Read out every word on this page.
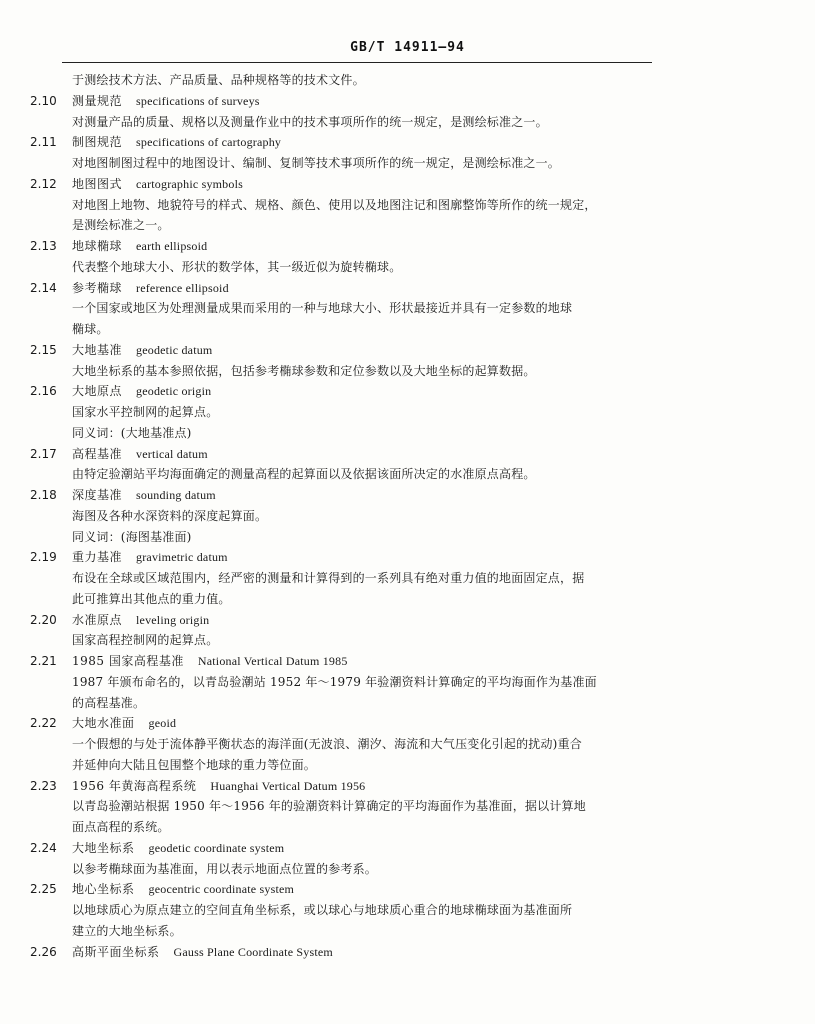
GB/T 14911—94
于测绘技术方法、产品质量、品种规格等的技术文件。
2.10	测量规范 specifications of surveys
对测量产品的质量、规格以及测量作业中的技术事项所作的统一规定，是测绘标准之一。
2.11	制图规范 specifications of cartography
对地图制图过程中的地图设计、编制、复制等技术事项所作的统一规定，是测绘标准之一。
2.12	地图图式 cartographic symbols
对地图上地物、地貌符号的样式、规格、颜色、使用以及地图注记和图廓整饰等所作的统一规定，
是测绘标准之一。
2.13	地球椭球 earth ellipsoid
代表整个地球大小、形状的数学体，其一级近似为旋转椭球。
2.14	参考椭球 reference ellipsoid
一个国家或地区为处理测量成果而采用的一种与地球大小、形状最接近并具有一定参数的地球
椭球。
2.15	大地基准 geodetic datum
大地坐标系的基本参照依据，包括参考椭球参数和定位参数以及大地坐标的起算数据。
2.16	大地原点 geodetic origin
国家水平控制网的起算点。
同义词：(大地基准点)
2.17	高程基准 vertical datum
由特定验潮站平均海面确定的测量高程的起算面以及依据该面所决定的水准原点高程。
2.18	深度基准 sounding datum
海图及各种水深资料的深度起算面。
同义词：(海图基准面)
2.19	重力基准 gravimetric datum
布设在全球或区域范围内，经严密的测量和计算得到的一系列具有绝对重力值的地面固定点，据
此可推算出其他点的重力值。
2.20	水准原点 leveling origin
国家高程控制网的起算点。
2.21	1985 国家高程基准 National Vertical Datum 1985
1987 年颁布命名的，以青岛验潮站 1952 年～1979 年验潮资料计算确定的平均海面作为基准面
的高程基准。
2.22	大地水准面 geoid
一个假想的与处于流体静平衡状态的海洋面(无波浪、潮汐、海流和大气压变化引起的扰动)重合
并延伸向大陆且包围整个地球的重力等位面。
2.23	1956 年黄海高程系统 Huanghai Vertical Datum 1956
以青岛验潮站根据 1950 年～1956 年的验潮资料计算确定的平均海面作为基准面，据以计算地
面点高程的系统。
2.24	大地坐标系 geodetic coordinate system
以参考椭球面为基准面，用以表示地面点位置的参考系。
2.25	地心坐标系 geocentric coordinate system
以地球质心为原点建立的空间直角坐标系，或以球心与地球质心重合的地球椭球面为基准面所
建立的大地坐标系。
2.26	高斯平面坐标系 Gauss Plane Coordinate System
